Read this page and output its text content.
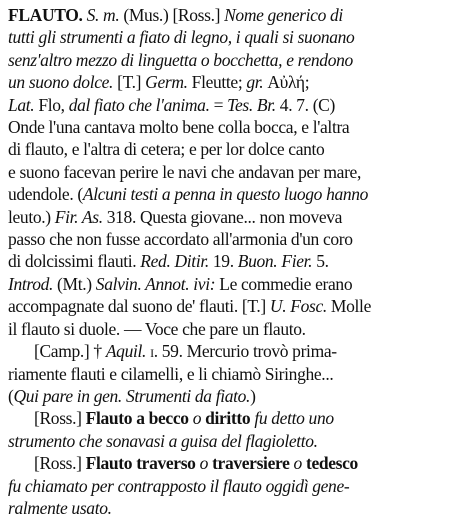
FLAUTO. S. m. (Mus.) [Ross.] Nome generico di
tutti gli strumenti a fiato di legno, i quali si suonano
senz'altro mezzo di linguetta o bocchetta, e rendono
un suono dolce. [T.] Germ. Fleutte; gr. Αὐλή;
Lat. Flo, dal fiato che l'anima. = Tes. Br. 4. 7. (C)
Onde l'una cantava molto bene colla bocca, e l'altra
di flauto, e l'altra di cetera; e per lor dolce canto
e suono facevan perire le navi che andavan per mare,
udendole. (Alcuni testi a penna in questo luogo hanno
leuto.) Fir. As. 318. Questa giovane... non moveva
passo che non fusse accordato all'armonia d'un coro
di dolcissimi flauti. Red. Ditir. 19. Buon. Fier. 5.
Introd. (Mt.) Salvin. Annot. ivi: Le commedie erano
accompagnate dal suono de' flauti. [T.] U. Fosc. Molle
il flauto si duole. — Voce che pare un flauto.
[Camp.] † Aquil. i. 59. Mercurio trovò prima-
riamente flauti e cilamelli, e li chiamò Siringhe...
(Qui pare in gen. Strumenti da fiato.)
[Ross.] Flauto a becco o diritto fu detto uno
strumento che sonavasi a guisa del flagioletto.
[Ross.] Flauto traverso o traversiere o tedesco
fu chiamato per contrapposto il flauto oggidì gene-
ralmente usato.
